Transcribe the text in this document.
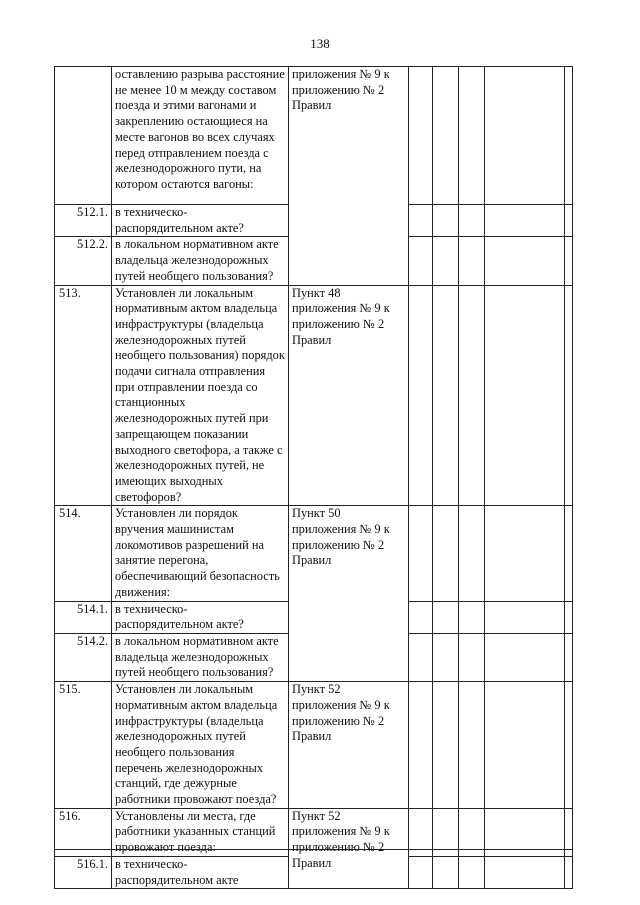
138
	оставлению разрыва расстояние не менее 10 м между составом поезда и этими вагонами и закреплению остающиеся на месте вагонов во всех случаях перед отправлением поезда с железнодорожного пути, на котором остаются вагоны:	приложения № 9 к приложению № 2 Правил					
512.1.	в техническо-распорядительном акте?						
512.2.	в локальном нормативном акте владельца железнодорожных путей необщего пользования?						
513.	Установлен ли локальным нормативным актом владельца инфраструктуры (владельца железнодорожных путей необщего пользования) порядок подачи сигнала отправления при отправлении поезда со станционных железнодорожных путей при запрещающем показании выходного светофора, а также с железнодорожных путей, не имеющих выходных светофоров?	Пункт 48 приложения № 9 к приложению № 2 Правил					
514.	Установлен ли порядок вручения машинистам локомотивов разрешений на занятие перегона, обеспечивающий безопасность движения:	Пункт 50 приложения № 9 к приложению № 2 Правил					
514.1.	в техническо-распорядительном акте?						
514.2.	в локальном нормативном акте владельца железнодорожных путей необщего пользования?						
515.	Установлен ли локальным нормативным актом владельца инфраструктуры (владельца железнодорожных путей необщего пользования перечень железнодорожных станций, где дежурные работники провожают поезда?	Пункт 52 приложения № 9 к приложению № 2 Правил					
516.	Установлены ли места, где работники указанных станций провожают поезда:	Пункт 52 приложения № 9 к приложению № 2 Правил					
516.1.	в техническо-распорядительном акте						
